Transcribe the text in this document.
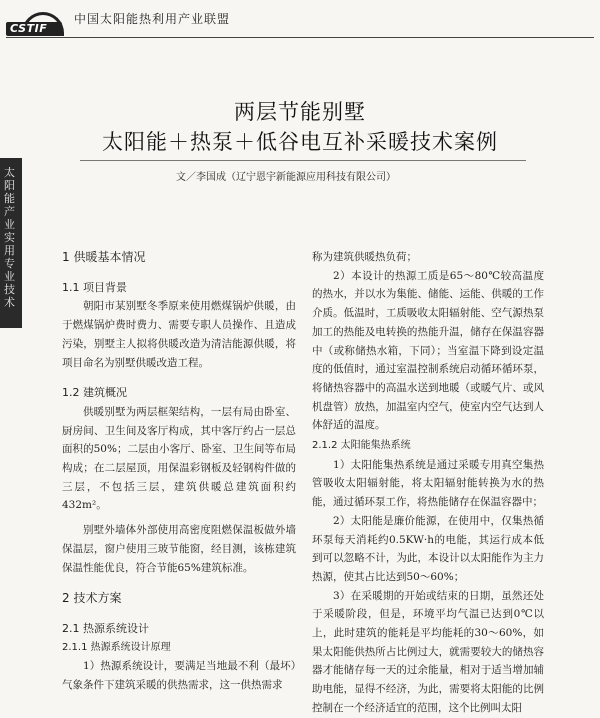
CSTIF
中国太阳能热利用产业联盟
太阳能产业实用专业技术
两层节能别墅
太阳能＋热泵＋低谷电互补采暖技术案例
文／李国成（辽宁恩宇新能源应用科技有限公司）
1 供暖基本情况
1.1 项目背景

朝阳市某别墅冬季原来使用燃煤锅炉供暖，由于燃煤锅炉费时费力、需要专职人员操作、且造成污染，别墅主人拟将供暖改造为清洁能源供暖，将项目命名为别墅供暖改造工程。

1.2 建筑概况

供暖别墅为两层框架结构，一层有局由卧室、厨房间、卫生间及客厅构成，其中客厅约占一层总面积的50%；二层由小客厅、卧室、卫生间等布局构成；在二层屋顶，用保温彩钢板及轻钢构件做的三层，不包括三层，建筑供暖总建筑面积约432m²。

别墅外墙体外部使用高密度阻燃保温板做外墙保温层，窗户使用三玻节能窗，经目测，该栋建筑保温性能优良，符合节能65%建筑标准。

2 技术方案
2.1 热源系统设计
2.1.1 热源系统设计原理

1）热源系统设计，要满足当地最不利（最坏）气象条件下建筑采暖的供热需求，这一供热需求

称为建筑供暖热负荷；

2）本设计的热源工质是65～80℃较高温度的热水，并以水为集能、储能、运能、供暖的工作介质。低温时，工质吸收太阳辐射能、空气源热泵加工的热能及电转换的热能升温，储存在保温容器中（或称储热水箱，下同）；当室温下降到设定温度的低值时，通过室温控制系统启动循环循环泵，将储热容器中的高温水送到地暖（或暖气片、或风机盘管）放热，加温室内空气，使室内空气达到人体舒适的温度。

2.1.2 太阳能集热系统

1）太阳能集热系统是通过采暖专用真空集热管吸收太阳辐射能，将太阳辐射能转换为水的热能，通过循环泵工作，将热能储存在保温容器中；

2）太阳能是廉价能源，在使用中，仅集热循环泵每天消耗约0.5KW·h的电能，其运行成本低到可以忽略不计，为此，本设计以太阳能作为主力热源，使其占比达到50～60%；

3）在采暖期的开始或结束的日期，虽然还处于采暖阶段，但是，环境平均气温已达到0℃以上，此时建筑的能耗是平均能耗的30～60%，如果太阳能供热所占比例过大，就需要较大的储热容器才能储存每一天的过余能量，相对于适当增加辅助电能，显得不经济，为此，需要将太阳能的比例控制在一个经济适宜的范围，这个比例叫太阳
